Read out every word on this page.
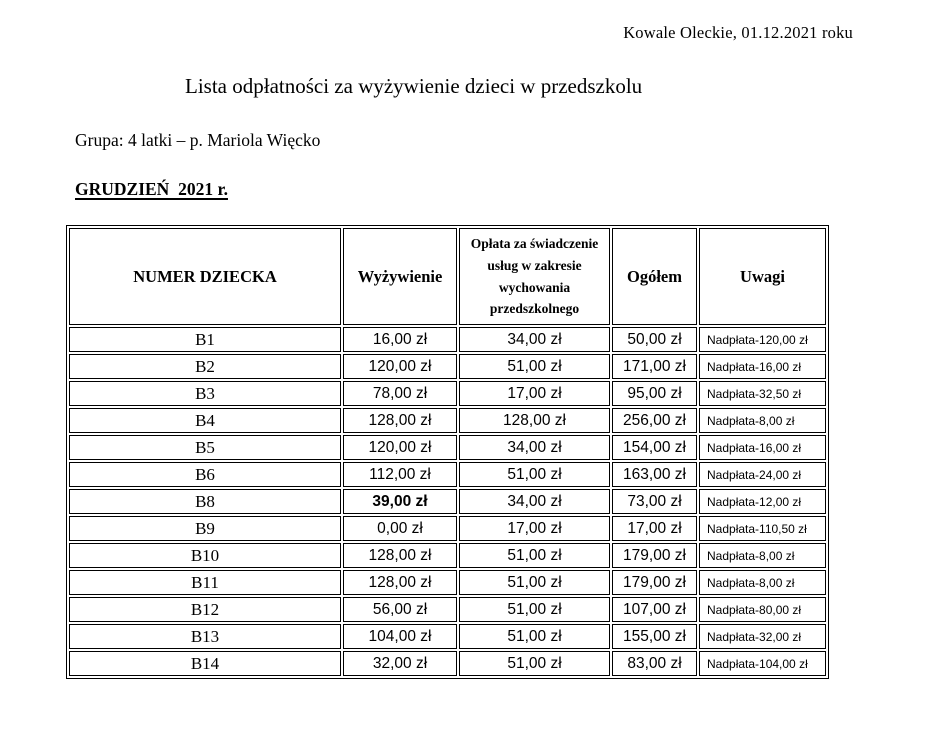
Kowale Oleckie, 01.12.2021 roku
Lista odpłatności za wyżywienie dzieci w przedszkolu
Grupa: 4 latki – p. Mariola Więcko
GRUDZIEŃ  2021 r.
NUMER DZIECKA	Wyżywienie	Opłata za świadczenie usług w zakresie wychowania przedszkolnego	Ogółem	Uwagi
B1	16,00 zł	34,00 zł	50,00 zł	Nadpłata-120,00 zł
B2	120,00 zł	51,00 zł	171,00 zł	Nadpłata-16,00 zł
B3	78,00 zł	17,00 zł	95,00 zł	Nadpłata-32,50 zł
B4	128,00 zł	128,00 zł	256,00 zł	Nadpłata-8,00 zł
B5	120,00 zł	34,00 zł	154,00 zł	Nadpłata-16,00 zł
B6	112,00 zł	51,00 zł	163,00 zł	Nadpłata-24,00 zł
B8	39,00 zł	34,00 zł	73,00 zł	Nadpłata-12,00 zł
B9	0,00 zł	17,00 zł	17,00 zł	Nadpłata-110,50 zł
B10	128,00 zł	51,00 zł	179,00 zł	Nadpłata-8,00 zł
B11	128,00 zł	51,00 zł	179,00 zł	Nadpłata-8,00 zł
B12	56,00 zł	51,00 zł	107,00 zł	Nadpłata-80,00 zł
B13	104,00 zł	51,00 zł	155,00 zł	Nadpłata-32,00 zł
B14	32,00 zł	51,00 zł	83,00 zł	Nadpłata-104,00 zł
